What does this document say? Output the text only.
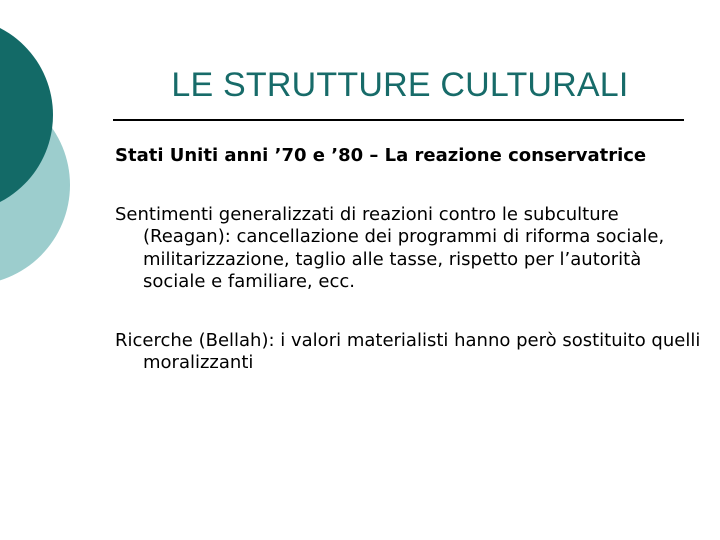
LE STRUTTURE CULTURALI

Stati Uniti anni ’70 e ’80 – La reazione conservatrice

Sentimenti generalizzati di reazioni contro le subculture (Reagan): cancellazione dei programmi di riforma sociale, militarizzazione, taglio alle tasse, rispetto per l’autorità sociale e familiare, ecc.

Ricerche (Bellah): i valori materialisti hanno però sostituito quelli moralizzanti
